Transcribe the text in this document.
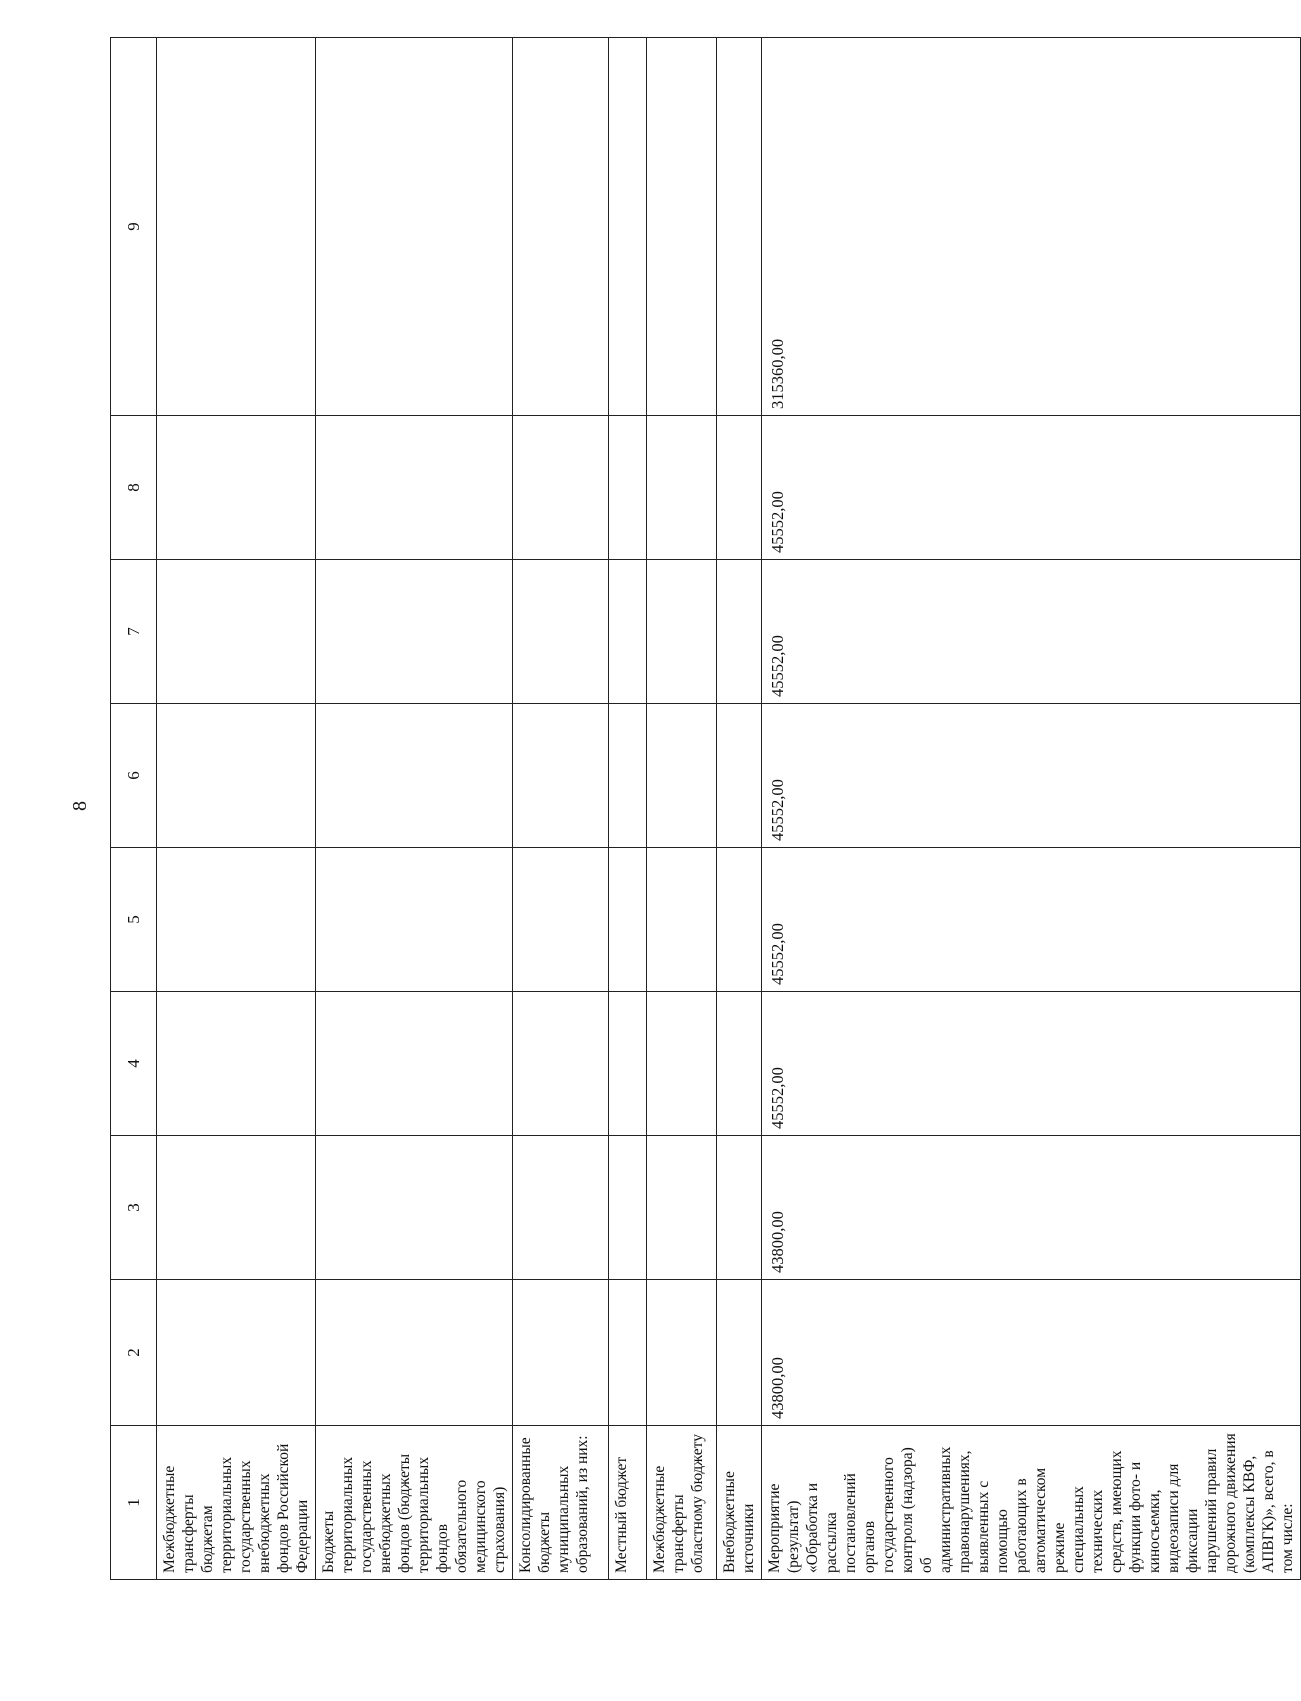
8
1	2	3	4	5	6	7	8	9
Межбюджетные трансферты бюджетам территориальных государственных внебюджетных фондов Российской Федерации								
Бюджеты территориальных государственных внебюджетных фондов (бюджеты территориальных фондов обязательного медицинского страхования)								
Консолидированные бюджеты муниципальных образований, из них:								
Местный бюджет								
Межбюджетные трансферты областному бюджету								
Внебюджетные источники								
Мероприятие (результат) «Обработка и рассылка постановлений органов государственного контроля (надзора) об административных правонарушениях, выявленных с помощью работающих в автоматическом режиме специальных технических средств, имеющих функции фото- и киносъемки, видеозаписи для фиксации нарушений правил дорожного движения (комплексы КВФ, АПВГК)», всего, в том числе:	43800,00	43800,00	45552,00	45552,00	45552,00	45552,00	45552,00	315360,00
